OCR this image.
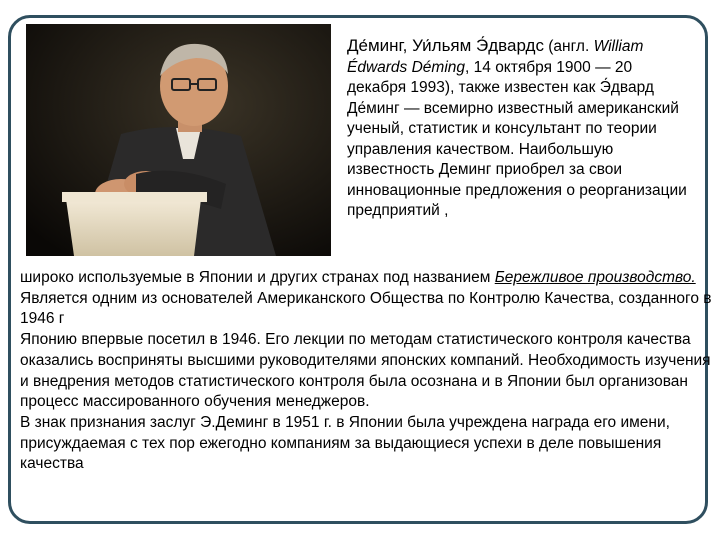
Де́минг, Уи́льям Э́двардс (англ. William Édwards Déming, 14 октября 1900 — 20 декабря 1993), также известен как Э́двард Де́минг — всемирно известный американский ученый, статистик и консультант по теории управления качеством. Наибольшую известность Деминг приобрел за свои инновационные предложения о реорганизации предприятий ,

широко используемые в Японии и других странах под названием Бережливое производство. Является одним из основателей Американского Общества по Контролю Качества, созданного в 1946 г

Японию впервые посетил в 1946. Его лекции по методам статистического контроля качества оказались восприняты высшими руководителями японских компаний. Необходимость изучения и внедрения методов статистического контроля была осознана и в Японии был организован процесс массированного обучения менеджеров.

В знак признания заслуг Э.Деминг в 1951 г. в Японии была учреждена награда его имени, присуждаемая с тех пор ежегодно компаниям за выдающиеся успехи в деле повышения качества
